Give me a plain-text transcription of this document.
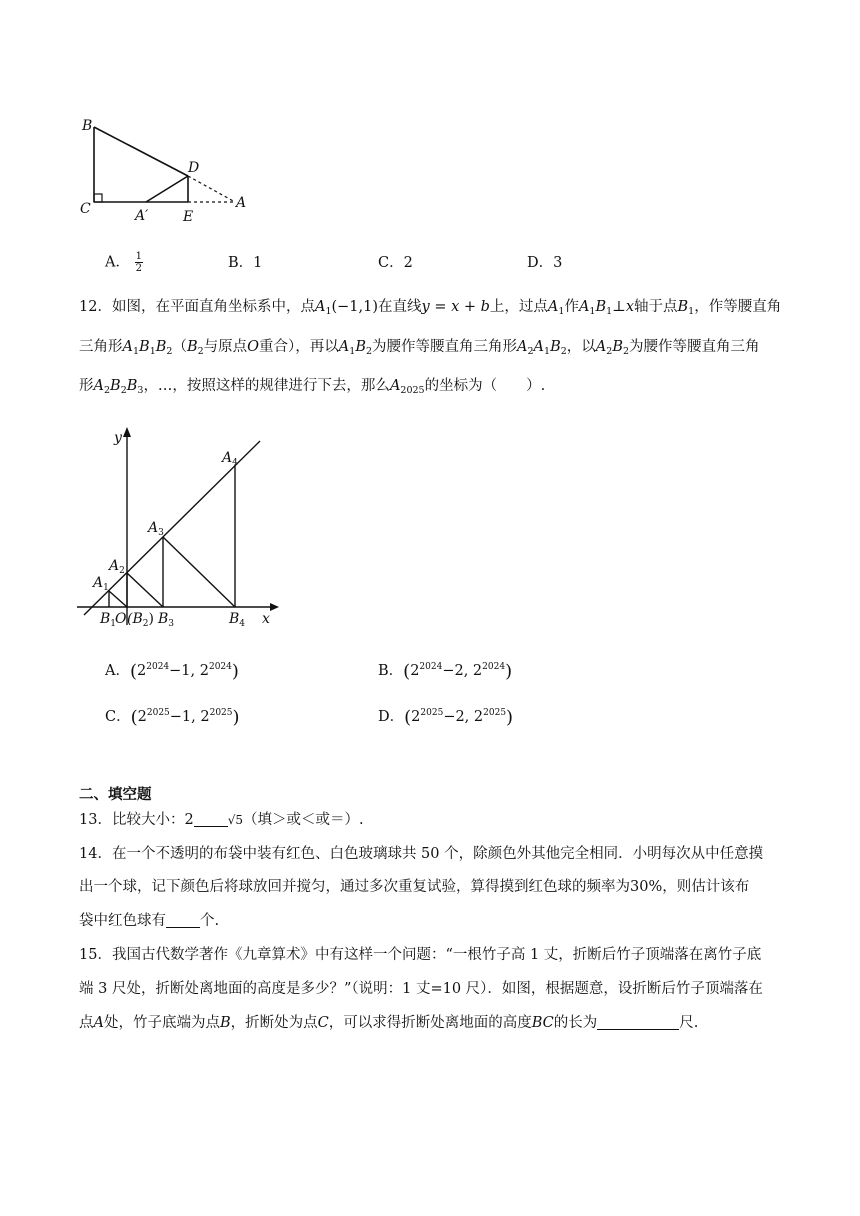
B
C
D
A′ E
A
A． $\frac{1}{2}$	B．1	C．2	D．3
12．如图，在平面直角坐标系中，点$A_1(-1,1)$在直线y = x + b上，过点$A_1$作$A_1B_1\perp x$轴于点$B_1$，作等腰直角
三角形$A_1B_1B_2(B_2$与原点O重合），再以$A_1B_2$为腰作等腰直角三角形$A_2A_1B_2$，以$A_2B_2$为腰作等腰直角三角
形$A_2B_2B_3$，…，按照这样的规律进行下去，那么$A_{2025}$的坐标为（　　）.
y
x
$A_1$
$A_2$
$A_3$
$A_4$
$B_1$
O $(B_2)$ $B_3$	$B_4$
A．($2^{2024}-1$, $2^{2024}$)	B．($2^{2024}-2$, $2^{2024}$)
C．($2^{2025}-1$, $2^{2025}$)	D．($2^{2025}-2$, $2^{2025}$)
二、填空题
13．比较大小：2	√5（填＞或＜或＝）.
14．在一个不透明的布袋中装有红色、白色玻璃球共 50 个，除颜色外其他完全相同．小明每次从中任意摸
出一个球，记下颜色后将球放回并搅匀，通过多次重复试验，算得摸到红色球的频率为30%，则估计该布
袋中红色球有 个.
15．我国古代数学著作《九章算术》中有这样一个问题：“一根竹子高 1 丈，折断后竹子顶端落在离竹子底
端 3 尺处，折断处离地面的高度是多少？”（说明：1 丈=10 尺）．如图，根据题意，设折断后竹子顶端落在
点A处，竹子底端为点B，折断处为点C，可以求得折断处离地面的高度BC的长为	尺.
